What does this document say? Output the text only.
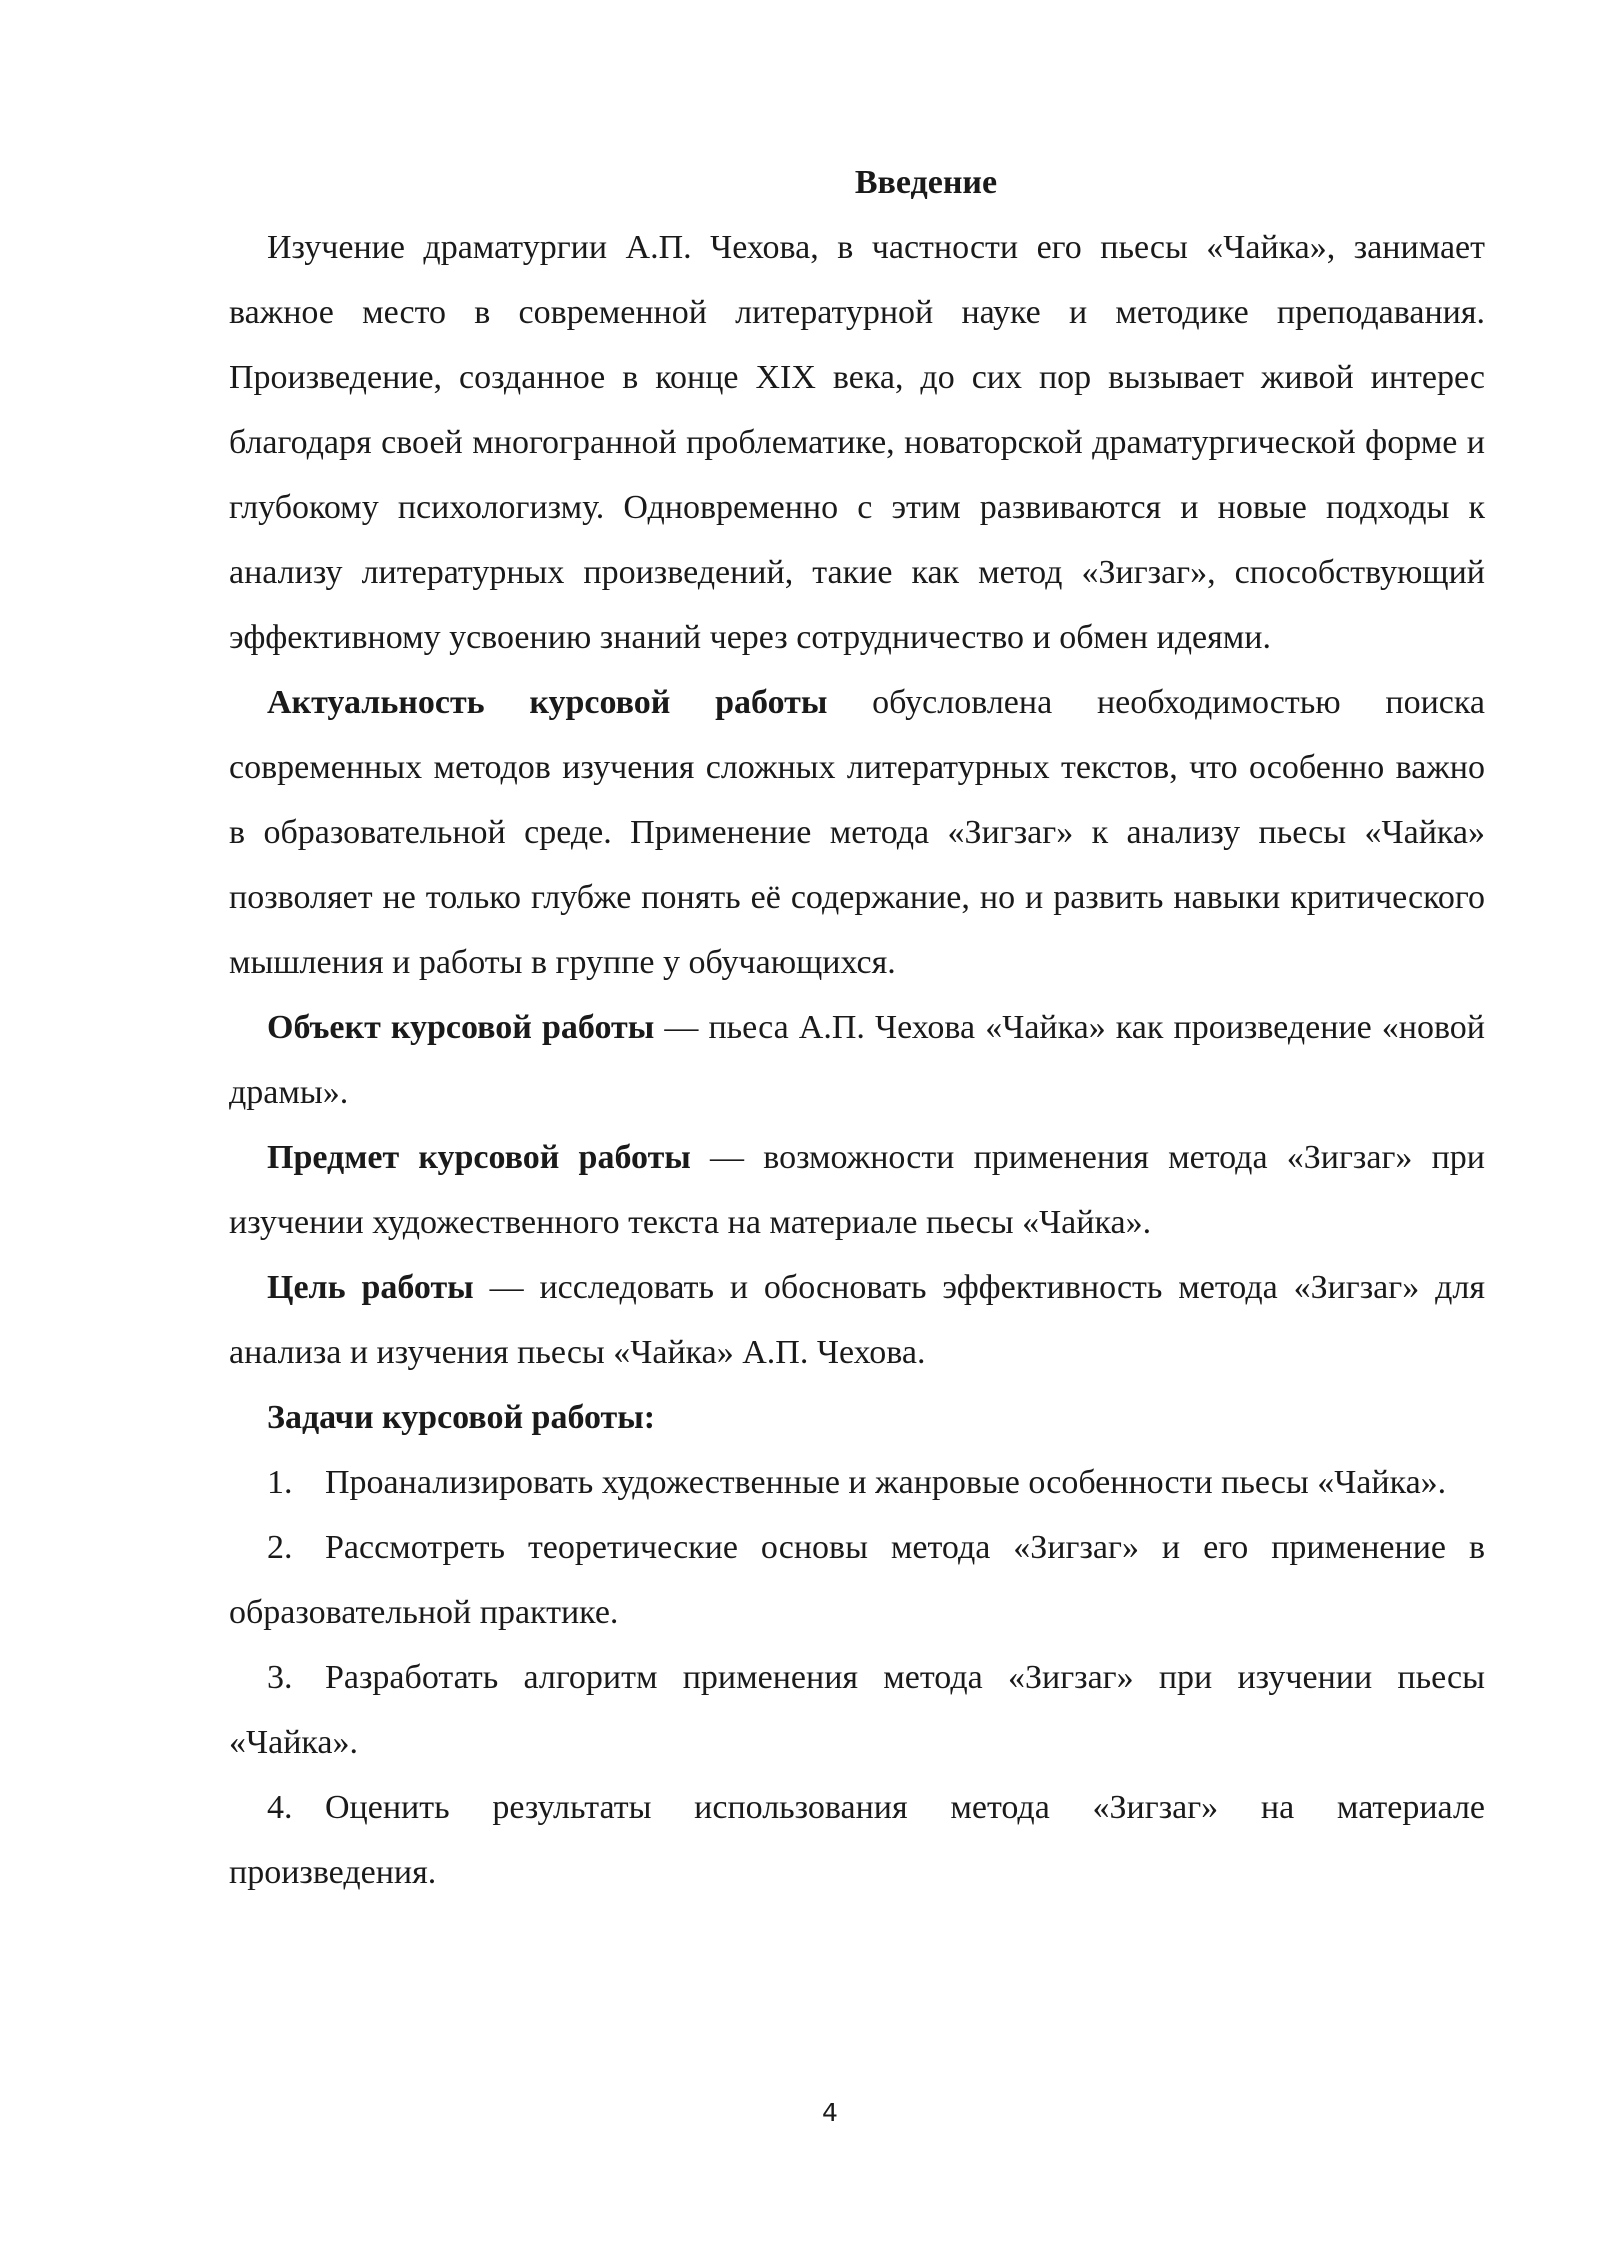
Введение

Изучение драматургии А.П. Чехова, в частности его пьесы «Чайка», занимает важное место в современной литературной науке и методике преподавания. Произведение, созданное в конце XIX века, до сих пор вызывает живой интерес благодаря своей многогранной проблематике, новаторской драматургической форме и глубокому психологизму. Одновременно с этим развиваются и новые подходы к анализу литературных произведений, такие как метод «Зигзаг», способствующий эффективному усвоению знаний через сотрудничество и обмен идеями.

Актуальность курсовой работы обусловлена необходимостью поиска современных методов изучения сложных литературных текстов, что особенно важно в образовательной среде. Применение метода «Зигзаг» к анализу пьесы «Чайка» позволяет не только глубже понять её содержание, но и развить навыки критического мышления и работы в группе у обучающихся.

Объект курсовой работы — пьеса А.П. Чехова «Чайка» как произведение «новой драмы».

Предмет курсовой работы — возможности применения метода «Зигзаг» при изучении художественного текста на материале пьесы «Чайка».

Цель работы — исследовать и обосновать эффективность метода «Зигзаг» для анализа и изучения пьесы «Чайка» А.П. Чехова.

Задачи курсовой работы:

1. Проанализировать художественные и жанровые особенности пьесы «Чайка».

2. Рассмотреть теоретические основы метода «Зигзаг» и его применение в образовательной практике.

3. Разработать алгоритм применения метода «Зигзаг» при изучении пьесы «Чайка».

4. Оценить результаты использования метода «Зигзаг» на материале произведения.

4
